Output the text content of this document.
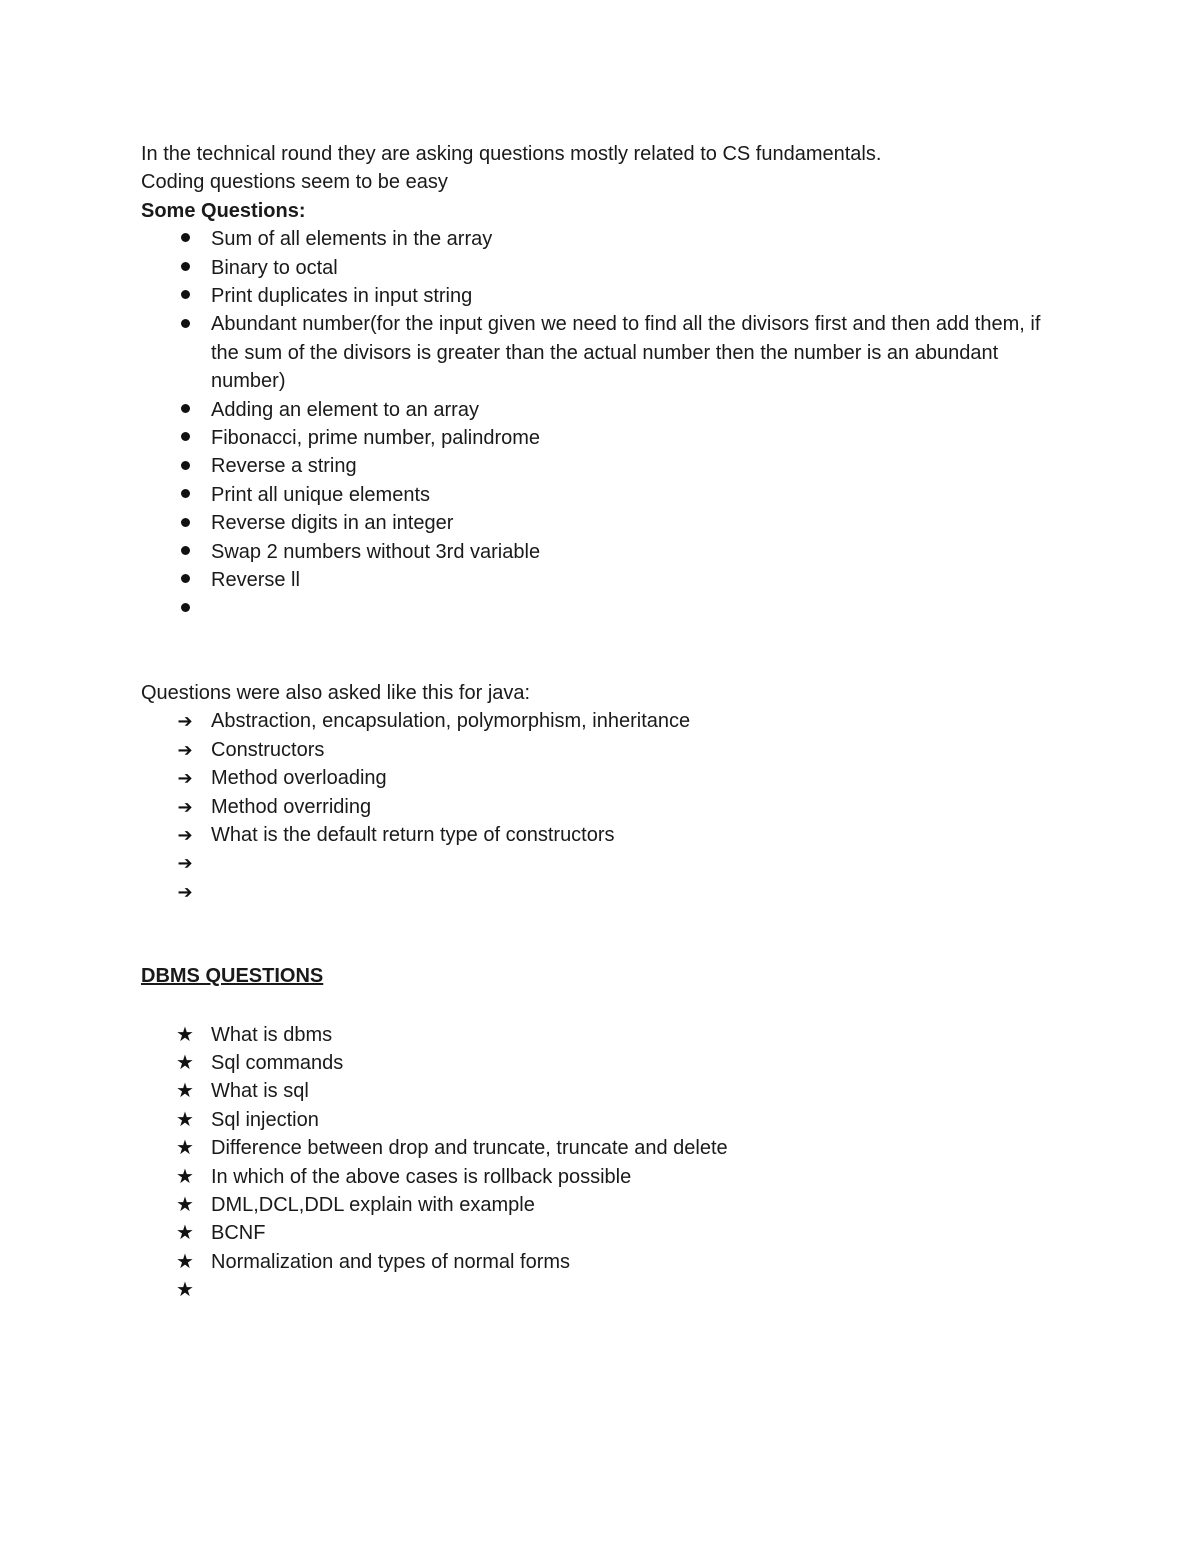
In the technical round they are asking questions mostly related to CS fundamentals.

Coding questions seem to be easy

Some Questions:

Sum of all elements in the array
Binary to octal
Print duplicates in input string
Abundant number(for the input given we need to find all the divisors first and then add them, if the sum of the divisors is greater than the actual number then the number is an abundant number)
Adding an element to an array
Fibonacci, prime number, palindrome
Reverse a string
Print all unique elements
Reverse digits in an integer
Swap 2 numbers without 3rd variable
Reverse ll

Questions were also asked like this for java:

➔ Abstraction, encapsulation, polymorphism, inheritance
➔ Constructors
➔ Method overloading
➔ Method overriding
➔ What is the default return type of constructors
➔
➔

DBMS QUESTIONS

★ What is dbms
★ Sql commands
★ What is sql
★ Sql injection
★ Difference between drop and truncate, truncate and delete
★ In which of the above cases is rollback possible
★ DML,DCL,DDL explain with example
★ BCNF
★ Normalization and types of normal forms
★
